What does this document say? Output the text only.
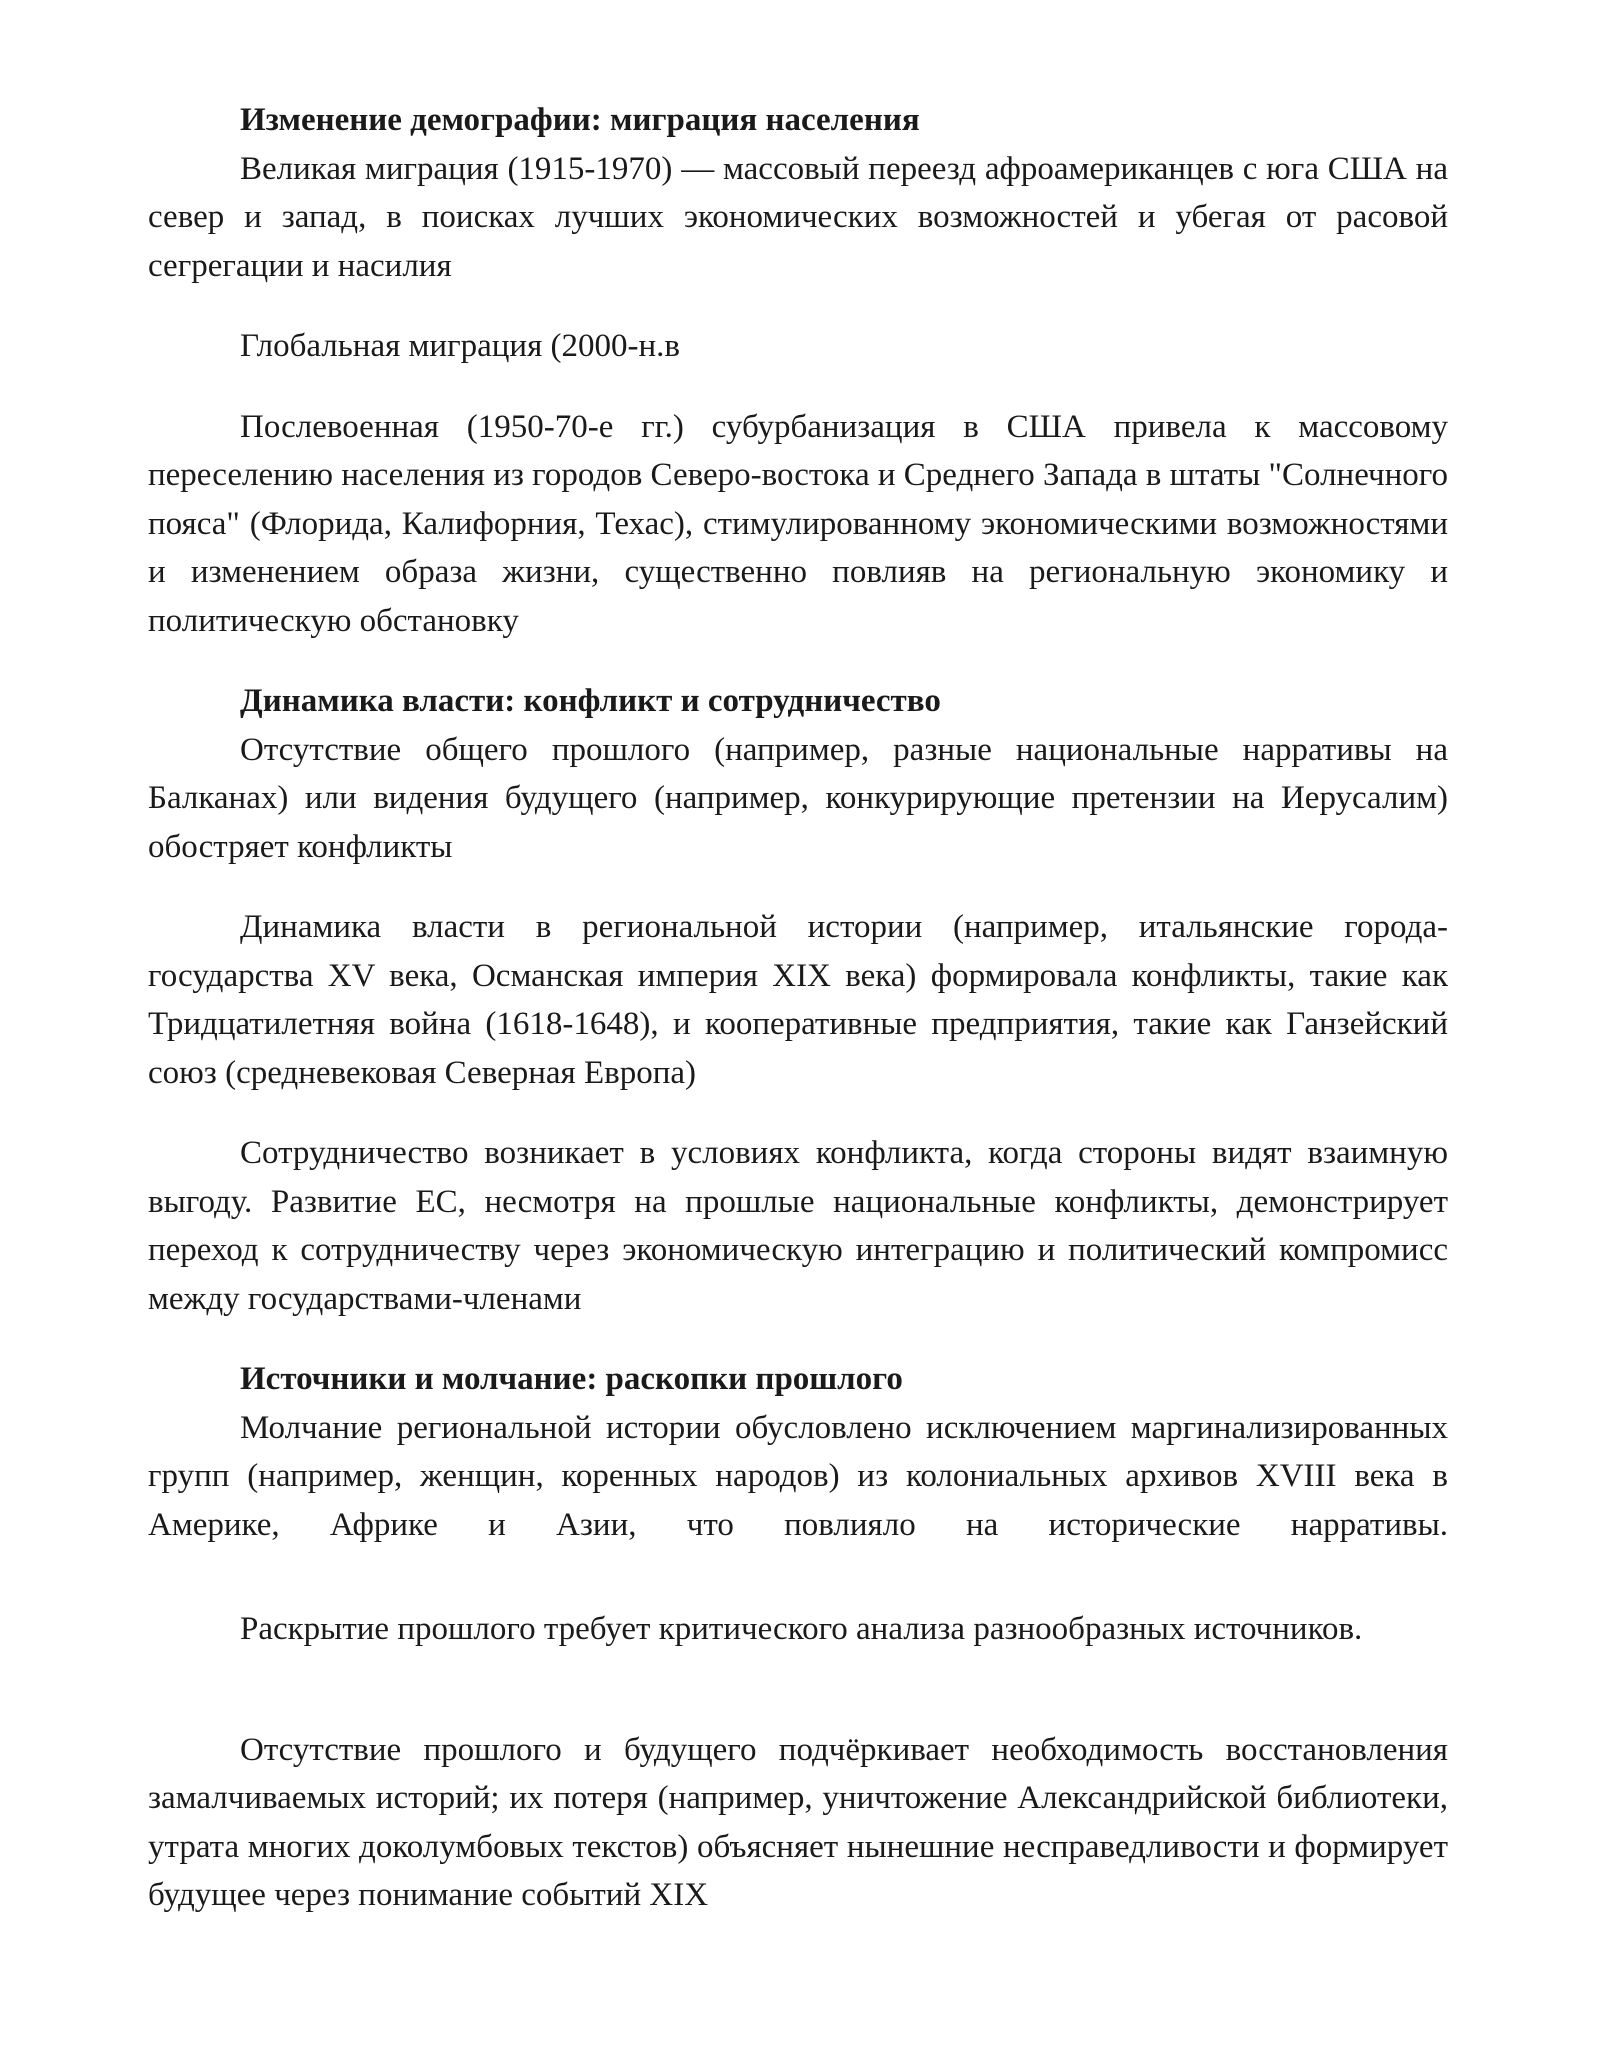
Изменение демографии: миграция населения

Великая миграция (1915-1970) — массовый переезд афроамериканцев с юга США на север и запад, в поисках лучших экономических возможностей и убегая от расовой сегрегации и насилия

Глобальная миграция (2000-н.в

Послевоенная (1950-70-е гг.) субурбанизация в США привела к массовому переселению населения из городов Северо-востока и Среднего Запада в штаты "Солнечного пояса" (Флорида, Калифорния, Техас), стимулированному экономическими возможностями и изменением образа жизни, существенно повлияв на региональную экономику и политическую обстановку

Динамика власти: конфликт и сотрудничество

Отсутствие общего прошлого (например, разные национальные нарративы на Балканах) или видения будущего (например, конкурирующие претензии на Иерусалим) обостряет конфликты

Динамика власти в региональной истории (например, итальянские города-государства XV века, Османская империя XIX века) формировала конфликты, такие как Тридцатилетняя война (1618-1648), и кооперативные предприятия, такие как Ганзейский союз (средневековая Северная Европа)

Сотрудничество возникает в условиях конфликта, когда стороны видят взаимную выгоду. Развитие ЕС, несмотря на прошлые национальные конфликты, демонстрирует переход к сотрудничеству через экономическую интеграцию и политический компромисс между государствами-членами

Источники и молчание: раскопки прошлого

Молчание региональной истории обусловлено исключением маргинализированных групп (например, женщин, коренных народов) из колониальных архивов XVIII века в Америке, Африке и Азии, что повлияло на исторические нарративы.

Раскрытие прошлого требует критического анализа разнообразных источников.

Отсутствие прошлого и будущего подчёркивает необходимость восстановления замалчиваемых историй; их потеря (например, уничтожение Александрийской библиотеки, утрата многих доколумбовых текстов) объясняет нынешние несправедливости и формирует будущее через понимание событий XIX
